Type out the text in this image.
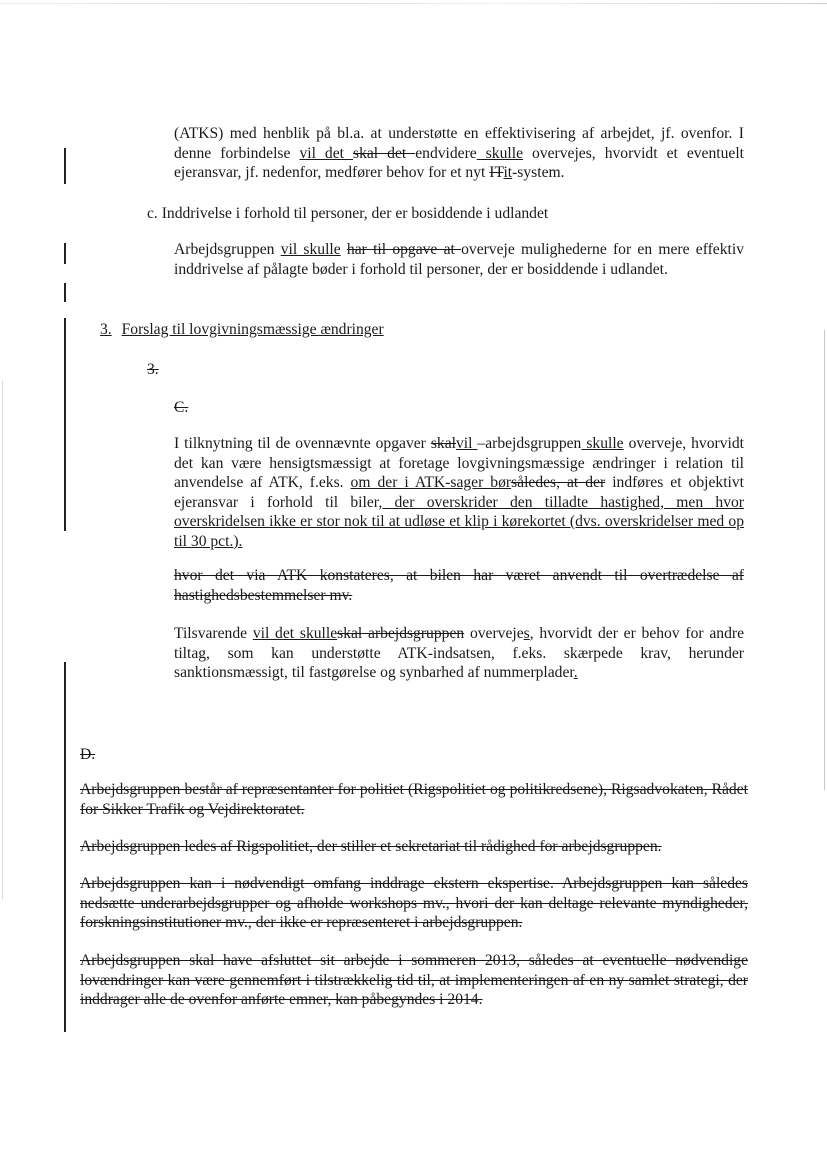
(ATKS) med henblik på bl.a. at understøtte en effektivisering af arbejdet, jf. ovenfor. I denne forbindelse vil det skal det endvidere skulle overvejes, hvorvidt et eventuelt ejeransvar, jf. nedenfor, medfører behov for et nyt ITit-system.

c. Inddrivelse i forhold til personer, der er bosiddende i udlandet

Arbejdsgruppen vil skulle har til opgave at overveje mulighederne for en mere effektiv inddrivelse af pålagte bøder i forhold til personer, der er bosiddende i udlandet.

3. Forslag til lovgivningsmæssige ændringer

3.

C.

I tilknytning til de ovennævnte opgaver skalvil –arbejdsgruppen skulle overveje, hvorvidt det kan være hensigtsmæssigt at foretage lovgivningsmæssige ændringer i relation til anvendelse af ATK, f.eks. om der i ATK-sager børsåledes, at der indføres et objektivt ejeransvar i forhold til biler, der overskrider den tilladte hastighed, men hvor overskridelsen ikke er stor nok til at udløse et klip i kørekortet (dvs. overskridelser med op til 30 pct.).

hvor det via ATK konstateres, at bilen har været anvendt til overtrædelse af hastighedsbestemmelser mv.

Tilsvarende vil det skulleskal arbejdsgruppen overvejes, hvorvidt der er behov for andre tiltag, som kan understøtte ATK-indsatsen, f.eks. skærpede krav, herunder sanktionsmæssigt, til fastgørelse og synbarhed af nummerplader.

D.

Arbejdsgruppen består af repræsentanter for politiet (Rigspolitiet og politikredsene), Rigsadvokaten, Rådet for Sikker Trafik og Vejdirektoratet.

Arbejdsgruppen ledes af Rigspolitiet, der stiller et sekretariat til rådighed for arbejdsgruppen.

Arbejdsgruppen kan i nødvendigt omfang inddrage ekstern ekspertise. Arbejdsgruppen kan således nedsætte underarbejdsgrupper og afholde workshops mv., hvori der kan deltage relevante myndigheder, forskningsinstitutioner mv., der ikke er repræsenteret i arbejdsgruppen.

Arbejdsgruppen skal have afsluttet sit arbejde i sommeren 2013, således at eventuelle nødvendige lovændringer kan være gennemført i tilstrækkelig tid til, at implementeringen af en ny samlet strategi, der inddrager alle de ovenfor anførte emner, kan påbegyndes i 2014.
